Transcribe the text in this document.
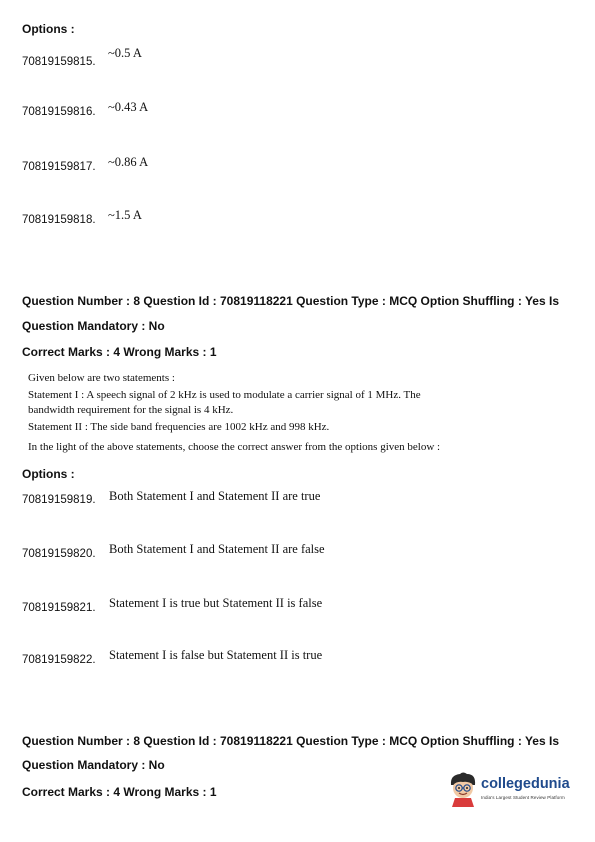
Options :
70819159815.
~0.5 A
70819159816. ~0.43 A
70819159817. ~0.86 A
70819159818. ~1.5 A
Question Number : 8 Question Id : 70819118221 Question Type : MCQ Option Shuffling : Yes Is
Question Mandatory : No
Correct Marks : 4 Wrong Marks : 1
Given below are two statements :
Statement I : A speech signal of 2 kHz is used to modulate a carrier signal of 1 MHz. The
bandwidth requirement for the signal is 4 kHz.
Statement II : The side band frequencies are 1002 kHz and 998 kHz.
In the light of the above statements, choose the correct answer from the options given below :
Options :
70819159819. Both Statement I and Statement II are true
70819159820. Both Statement I and Statement II are false
70819159821. Statement I is true but Statement II is false
70819159822. Statement I is false but Statement II is true
Question Number : 8 Question Id : 70819118221 Question Type : MCQ Option Shuffling : Yes Is
Question Mandatory : No
Correct Marks : 4 Wrong Marks : 1	collegedunia
India's Largest Student Review Platform
